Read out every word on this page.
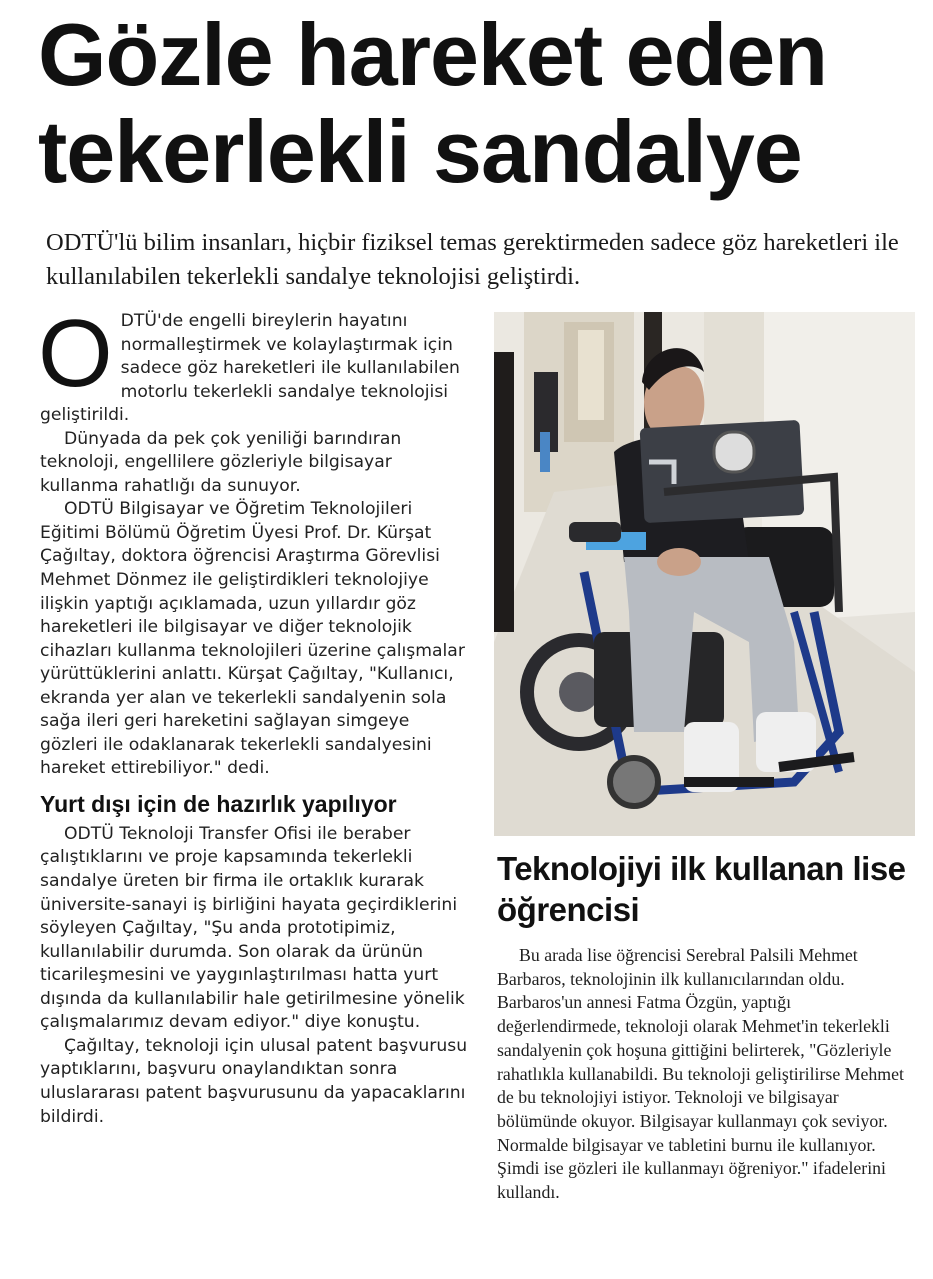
Gözle hareket eden tekerlekli sandalye

ODTÜ'lü bilim insanları, hiçbir fiziksel temas gerektirmeden sadece göz hareketleri ile kullanılabilen tekerlekli sandalye teknolojisi geliştirdi.

ODTÜ'de engelli bireylerin hayatını normalleştirmek ve kolaylaştırmak için sadece göz hareketleri ile kullanılabilen motorlu tekerlekli sandalye teknolojisi geliştirildi.

Dünyada da pek çok yeniliği barındıran teknoloji, engellilere gözleriyle bilgisayar kullanma rahatlığı da sunuyor.

ODTÜ Bilgisayar ve Öğretim Teknolojileri Eğitimi Bölümü Öğretim Üyesi Prof. Dr. Kürşat Çağıltay, doktora öğrencisi Araştırma Görevlisi Mehmet Dönmez ile geliştirdikleri teknolojiye ilişkin yaptığı açıklamada, uzun yıllardır göz hareketleri ile bilgisayar ve diğer teknolojik cihazları kullanma teknolojileri üzerine çalışmalar yürüttüklerini anlattı. Kürşat Çağıltay, "Kullanıcı, ekranda yer alan ve tekerlekli sandalyenin sola sağa ileri geri hareketini sağlayan simgeye gözleri ile odaklanarak tekerlekli sandalyesini hareket ettirebiliyor." dedi.

Yurt dışı için de hazırlık yapılıyor

ODTÜ Teknoloji Transfer Ofisi ile beraber çalıştıklarını ve proje kapsamında tekerlekli sandalye üreten bir firma ile ortaklık kurarak üniversite-sanayi iş birliğini hayata geçirdiklerini söyleyen Çağıltay, "Şu anda prototipimiz, kullanılabilir durumda. Son olarak da ürünün ticarileşmesini ve yaygınlaştırılması hatta yurt dışında da kullanılabilir hale getirilmesine yönelik çalışmalarımız devam ediyor." diye konuştu.

Çağıltay, teknoloji için ulusal patent başvurusu yaptıklarını, başvuru onaylandıktan sonra uluslararası patent başvurusunu da yapacaklarını bildirdi.

Teknolojiyi ilk kullanan lise öğrencisi

Bu arada lise öğrencisi Serebral Palsili Mehmet Barbaros, teknolojinin ilk kullanıcılarından oldu. Barbaros'un annesi Fatma Özgün, yaptığı değerlendirmede, teknoloji olarak Mehmet'in tekerlekli sandalyenin çok hoşuna gittiğini belirterek, "Gözleriyle rahatlıkla kullanabildi. Bu teknoloji geliştirilirse Mehmet de bu teknolojiyi istiyor. Teknoloji ve bilgisayar bölümünde okuyor. Bilgisayar kullanmayı çok seviyor. Normalde bilgisayar ve tabletini burnu ile kullanıyor. Şimdi ise gözleri ile kullanmayı öğreniyor." ifadelerini kullandı.
